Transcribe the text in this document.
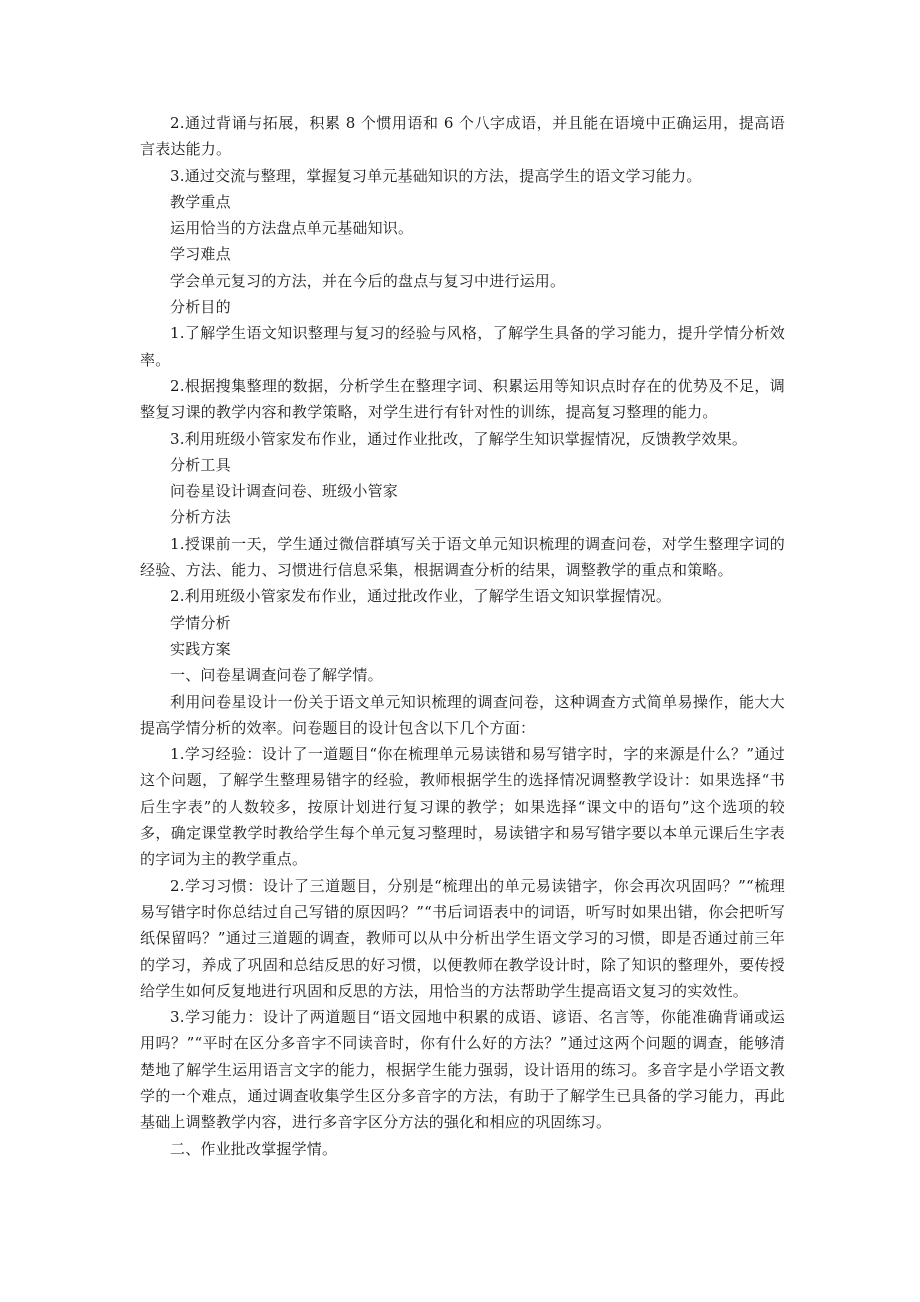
2.通过背诵与拓展，积累 8 个惯用语和 6 个八字成语，并且能在语境中正确运用，提高语言表达能力。

3.通过交流与整理，掌握复习单元基础知识的方法，提高学生的语文学习能力。

教学重点

运用恰当的方法盘点单元基础知识。

学习难点

学会单元复习的方法，并在今后的盘点与复习中进行运用。

分析目的

1.了解学生语文知识整理与复习的经验与风格，了解学生具备的学习能力，提升学情分析效率。

2.根据搜集整理的数据，分析学生在整理字词、积累运用等知识点时存在的优势及不足，调整复习课的教学内容和教学策略，对学生进行有针对性的训练，提高复习整理的能力。

3.利用班级小管家发布作业，通过作业批改，了解学生知识掌握情况，反馈教学效果。

分析工具

问卷星设计调查问卷、班级小管家

分析方法

1.授课前一天，学生通过微信群填写关于语文单元知识梳理的调查问卷，对学生整理字词的经验、方法、能力、习惯进行信息采集，根据调查分析的结果，调整教学的重点和策略。

2.利用班级小管家发布作业，通过批改作业，了解学生语文知识掌握情况。

学情分析

实践方案

一、问卷星调查问卷了解学情。

利用问卷星设计一份关于语文单元知识梳理的调查问卷，这种调查方式简单易操作，能大大提高学情分析的效率。问卷题目的设计包含以下几个方面：

1.学习经验：设计了一道题目“你在梳理单元易读错和易写错字时，字的来源是什么？”通过这个问题，了解学生整理易错字的经验，教师根据学生的选择情况调整教学设计：如果选择“书后生字表”的人数较多，按原计划进行复习课的教学；如果选择“课文中的语句”这个选项的较多，确定课堂教学时教给学生每个单元复习整理时，易读错字和易写错字要以本单元课后生字表的字词为主的教学重点。

2.学习习惯：设计了三道题目，分别是“梳理出的单元易读错字，你会再次巩固吗？”“梳理易写错字时你总结过自己写错的原因吗？”“书后词语表中的词语，听写时如果出错，你会把听写纸保留吗？”通过三道题的调查，教师可以从中分析出学生语文学习的习惯，即是否通过前三年的学习，养成了巩固和总结反思的好习惯，以便教师在教学设计时，除了知识的整理外，要传授给学生如何反复地进行巩固和反思的方法，用恰当的方法帮助学生提高语文复习的实效性。

3.学习能力：设计了两道题目“语文园地中积累的成语、谚语、名言等，你能准确背诵或运用吗？”“平时在区分多音字不同读音时，你有什么好的方法？”通过这两个问题的调查，能够清楚地了解学生运用语言文字的能力，根据学生能力强弱，设计语用的练习。多音字是小学语文教学的一个难点，通过调查收集学生区分多音字的方法，有助于了解学生已具备的学习能力，再此基础上调整教学内容，进行多音字区分方法的强化和相应的巩固练习。

二、作业批改掌握学情。
